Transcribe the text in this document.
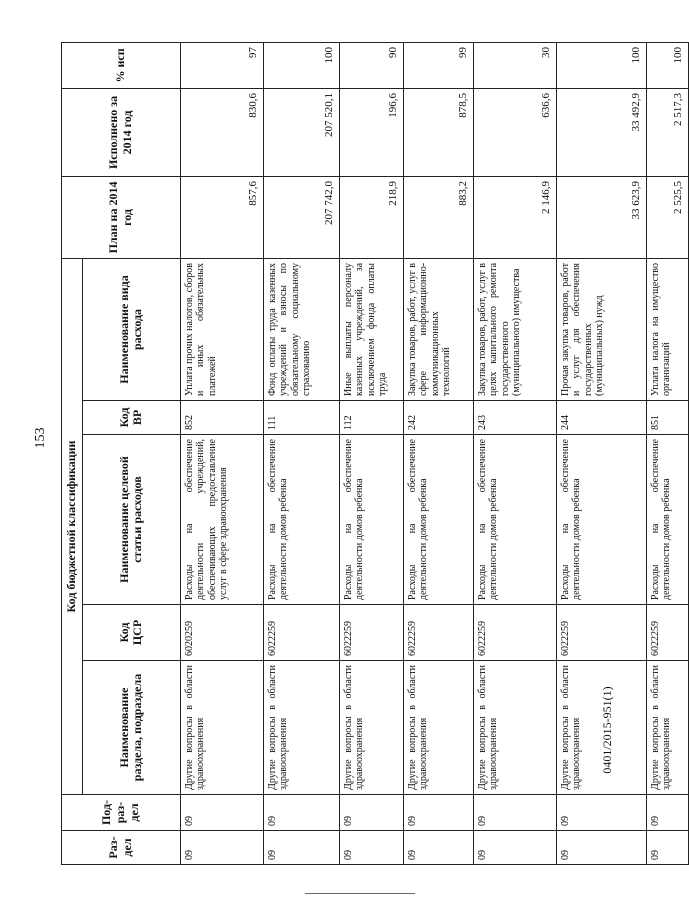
153
0401/2015-951(1)
Раз-дел	Под-раз-дел	Код бюджетной классификации					План на 2014 год	Исполнено за 2014 год	% исп
		Наименование раздела, подраздела	Код ЦСР	Наименование целевой статьи расходов	Код ВР	Наименование вида расхода			
09	09	Другие вопросы в области здравоохранения	6020259	Расходы на обеспечение деятельности учреждений, обеспечивающих предоставление услуг в сфере здравоохранения	852	Уплата прочих налогов, сборов и иных обязательных платежей	857,6	830,6	97
09	09	Другие вопросы в области здравоохранения	6022259	Расходы на обеспечение деятельности домов ребенка	111	Фонд оплаты труда казенных учреждений и взносы по обязательному социальному страхованию	207 742,0	207 520,1	100
09	09	Другие вопросы в области здравоохранения	6022259	Расходы на обеспечение деятельности домов ребенка	112	Иные выплаты персоналу казенных учреждений, за исключением фонда оплаты труда	218,9	196,6	90
09	09	Другие вопросы в области здравоохранения	6022259	Расходы на обеспечение деятельности домов ребенка	242	Закупка товаров, работ, услуг в сфере информационно-коммуникационных технологий	883,2	878,5	99
09	09	Другие вопросы в области здравоохранения	6022259	Расходы на обеспечение деятельности домов ребенка	243	Закупка товаров, работ, услуг в целях капитального ремонта государственного (муниципального) имущества	2 146,9	636,6	30
09	09	Другие вопросы в области здравоохранения	6022259	Расходы на обеспечение деятельности домов ребенка	244	Прочая закупка товаров, работ и услуг для обеспечения государственных (муниципальных) нужд	33 623,9	33 492,9	100
09	09	Другие вопросы в области здравоохранения	6022259	Расходы на обеспечение деятельности домов ребенка	851	Уплата налога на имущество организаций	2 525,5	2 517,3	100
